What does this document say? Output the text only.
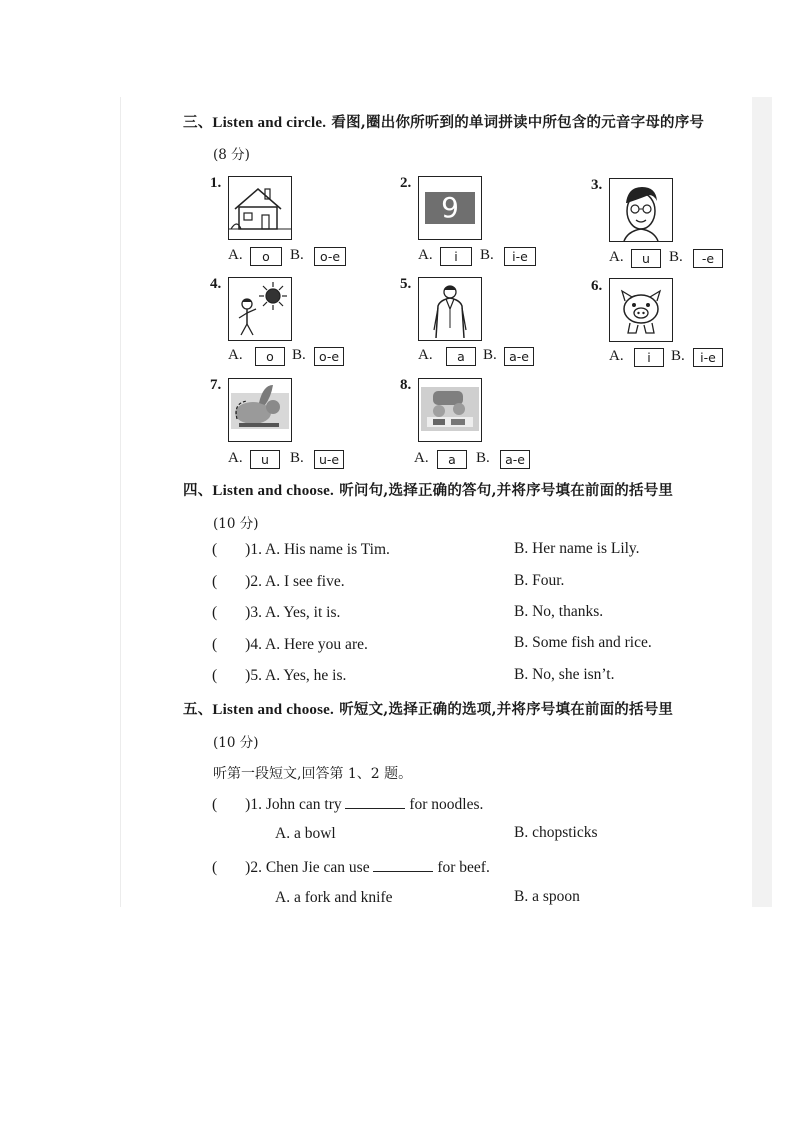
三、Listen and circle. 看图,圈出你所听到的单词拼读中所包含的元音字母的序号
(8 分)
1.
A.	o	B.	o-e
2.
9
A.	i	B.	i-e
3.
A.	u	B.	-e
4.
A.	o	B.	o-e
5.
A.	a	B. a-e
6.
A.	i	B.	i-e
7.
A.	u	B.	u-e
8.
A.	a	B.	a-e
四、Listen and choose. 听问句,选择正确的答句,并将序号填在前面的括号里
(10 分)
( )1. A. His name is Tim.	B. Her name is Lily.
( )2. A. I see five.	B. Four.
( )3. A. Yes, it is.	B. No, thanks.
( )4. A. Here you are.	B. Some fish and rice.
( )5. A. Yes, he is.	B. No, she isn’t.
五、Listen and choose. 听短文,选择正确的选项,并将序号填在前面的括号里
(10 分)
听第一段短文,回答第 1、2 题。
( )1. John can try	for noodles.
A. a bowl	B. chopsticks
( )2. Chen Jie can use	for beef.
A. a fork and knife	B. a spoon
